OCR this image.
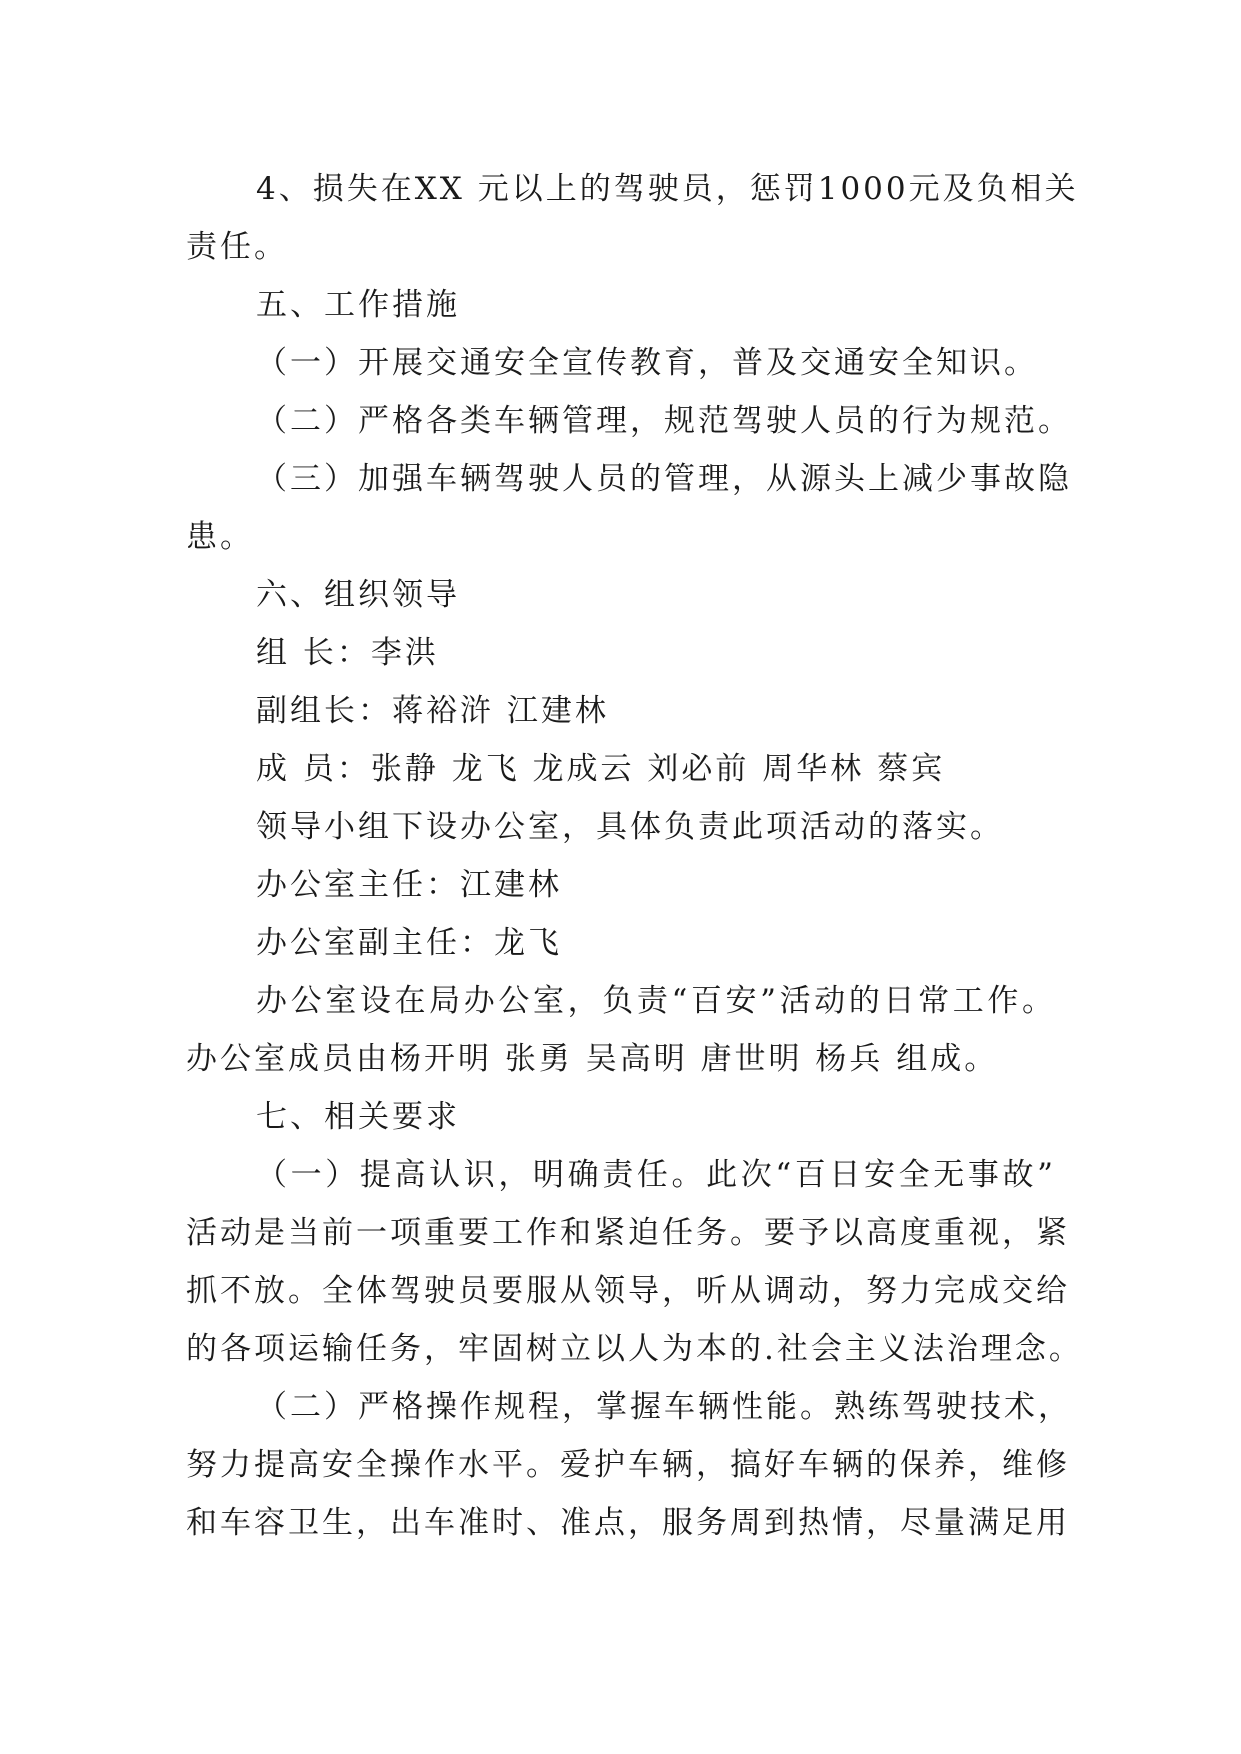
4、损失在XX 元以上的驾驶员，惩罚1000元及负相关
责任。
五、工作措施
（一）开展交通安全宣传教育，普及交通安全知识。
（二）严格各类车辆管理，规范驾驶人员的行为规范。
（三）加强车辆驾驶人员的管理，从源头上减少事故隐
患。
六、组织领导
组 长：李洪
副组长：蒋裕浒 江建林
成 员：张静 龙飞 龙成云 刘必前 周华林 蔡宾
领导小组下设办公室，具体负责此项活动的落实。
办公室主任：江建林
办公室副主任：龙飞
办公室设在局办公室，负责“百安”活动的日常工作。
办公室成员由杨开明 张勇 吴高明 唐世明 杨兵 组成。
七、相关要求
（一）提高认识，明确责任。此次“百日安全无事故”
活动是当前一项重要工作和紧迫任务。要予以高度重视，紧
抓不放。全体驾驶员要服从领导，听从调动，努力完成交给
的各项运输任务，牢固树立以人为本的.社会主义法治理念。
（二）严格操作规程，掌握车辆性能。熟练驾驶技术，
努力提高安全操作水平。爱护车辆，搞好车辆的保养，维修
和车容卫生，出车准时、准点，服务周到热情，尽量满足用
